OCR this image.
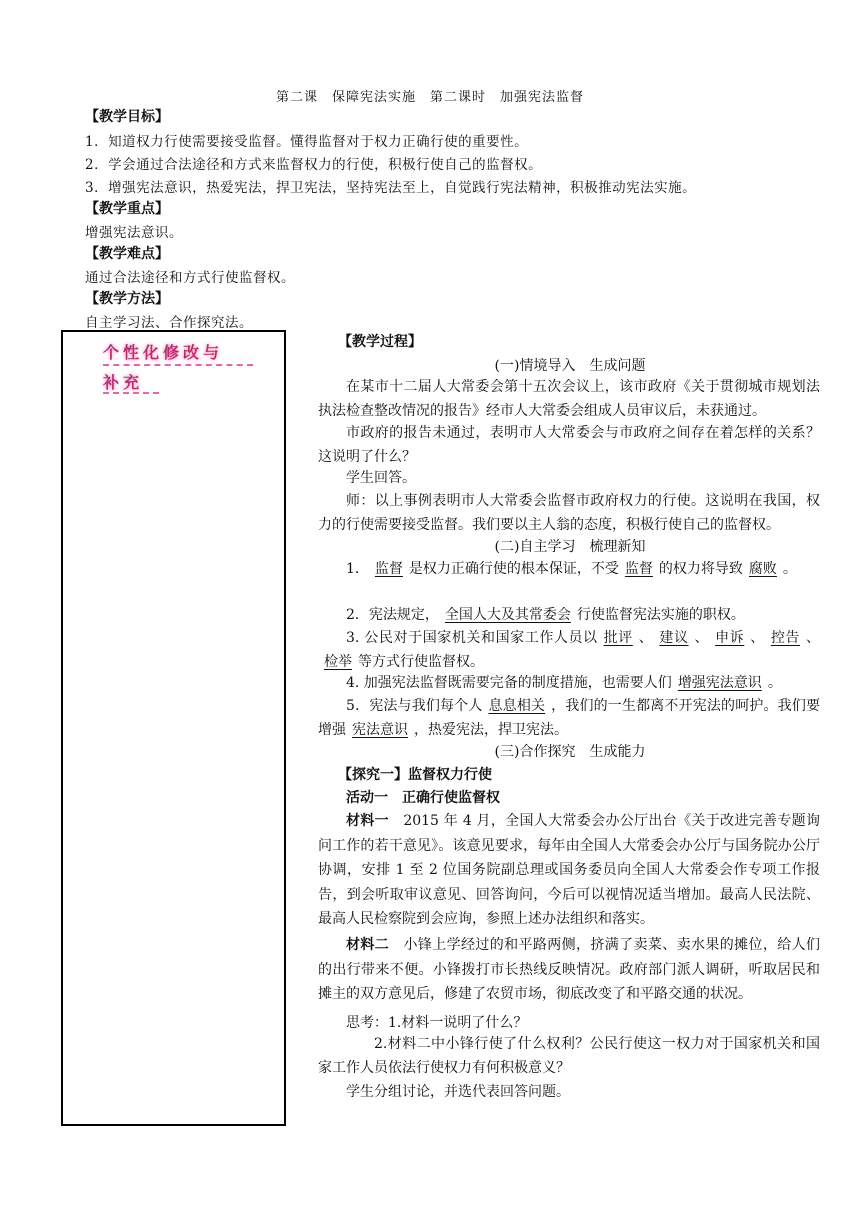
第二课　保障宪法实施　第二课时　加强宪法监督
【教学目标】
1．知道权力行使需要接受监督。懂得监督对于权力正确行使的重要性。
2．学会通过合法途径和方式来监督权力的行使，积极行使自己的监督权。
3．增强宪法意识，热爱宪法，捍卫宪法，坚持宪法至上，自觉践行宪法精神，积极推动宪法实施。
【教学重点】
增强宪法意识。
【教学难点】
通过合法途径和方式行使监督权。
【教学方法】
自主学习法、合作探究法。
个性化修改与
补充
【教学过程】
(一)情境导入　生成问题
在某市十二届人大常委会第十五次会议上，该市政府《关于贯彻城市规划法执法检查整改情况的报告》经市人大常委会组成人员审议后，未获通过。
市政府的报告未通过，表明市人大常委会与市政府之间存在着怎样的关系？这说明了什么？
学生回答。
师：以上事例表明市人大常委会监督市政府权力的行使。这说明在我国，权力的行使需要接受监督。我们要以主人翁的态度，积极行使自己的监督权。
(二)自主学习　梳理新知
1． 监督 是权力正确行使的根本保证，不受 监督 的权力将导致 腐败 。
2．宪法规定， 全国人大及其常委会 行使监督宪法实施的职权。
3. 公民对于国家机关和国家工作人员以 批评 、 建议 、 申诉 、 控告 、检举 等方式行使监督权。
4. 加强宪法监督既需要完备的制度措施，也需要人们 增强宪法意识 。
5．宪法与我们每个人 息息相关 ，我们的一生都离不开宪法的呵护。我们要增强 宪法意识 ，热爱宪法，捍卫宪法。
(三)合作探究　生成能力
【探究一】监督权力行使
活动一　正确行使监督权
材料一　 2015 年 4 月，全国人大常委会办公厅出台《关于改进完善专题询问工作的若干意见》。该意见要求，每年由全国人大常委会办公厅与国务院办公厅协调，安排 1 至 2 位国务院副总理或国务委员向全国人大常委会作专项工作报告，到会听取审议意见、回答询问，今后可以视情况适当增加。最高人民法院、最高人民检察院到会应询，参照上述办法组织和落实。
材料二　 小锋上学经过的和平路两侧，挤满了卖菜、卖水果的摊位，给人们的出行带来不便。小锋拨打市长热线反映情况。政府部门派人调研，听取居民和摊主的双方意见后，修建了农贸市场，彻底改变了和平路交通的状况。
思考：1.材料一说明了什么？
2.材料二中小锋行使了什么权利？公民行使这一权力对于国家机关和国家工作人员依法行使权力有何积极意义？
学生分组讨论，并选代表回答问题。
